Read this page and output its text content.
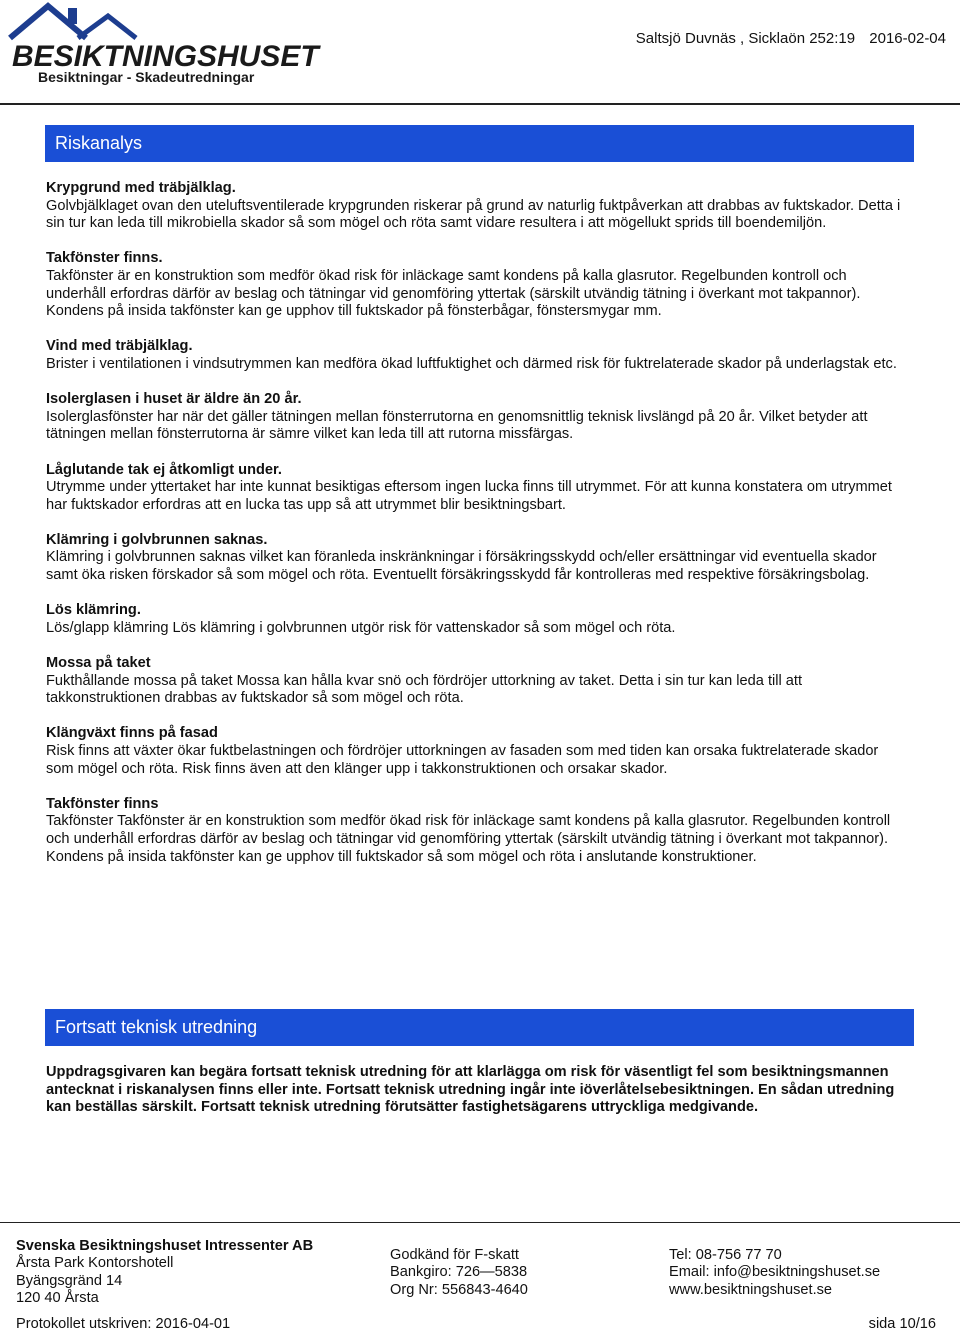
BESIKTNINGSHUSET
Besiktningar - Skadeutredningar
Saltsjö Duvnäs , Sicklaön 252:19 2016-02-04
Riskanalys
Krypgrund med träbjälklag.
Golvbjälklaget ovan den uteluftsventilerade krypgrunden riskerar på grund av naturlig fuktpåverkan att drabbas av fuktskador. Detta i sin tur kan leda till mikrobiella skador så som mögel och röta samt vidare resultera i att mögellukt sprids till boendemiljön.
Takfönster finns.
Takfönster är en konstruktion som medför ökad risk för inläckage samt kondens på kalla glasrutor. Regelbunden kontroll och underhåll erfordras därför av beslag och tätningar vid genomföring yttertak (särskilt utvändig tätning i överkant mot takpannor). Kondens på insida takfönster kan ge upphov till fuktskador på fönsterbågar, fönstersmygar mm.
Vind med träbjälklag.
Brister i ventilationen i vindsutrymmen kan medföra ökad luftfuktighet och därmed risk för fuktrelaterade skador på underlagstak etc.
Isolerglasen i huset är äldre än 20 år.
Isolerglasfönster har när det gäller tätningen mellan fönsterrutorna en genomsnittlig teknisk livslängd på 20 år. Vilket betyder att tätningen mellan fönsterrutorna är sämre vilket kan leda till att rutorna missfärgas.
Låglutande tak ej åtkomligt under.
Utrymme under yttertaket har inte kunnat besiktigas eftersom ingen lucka finns till utrymmet. För att kunna konstatera om utrymmet har fuktskador erfordras att en lucka tas upp så att utrymmet blir besiktningsbart.
Klämring i golvbrunnen saknas.
Klämring i golvbrunnen saknas vilket kan föranleda inskränkningar i försäkringsskydd och/eller ersättningar vid eventuella skador samt öka risken förskador så som mögel och röta. Eventuellt försäkringsskydd får kontrolleras med respektive försäkringsbolag.
Lös klämring.
Lös/glapp klämring Lös klämring i golvbrunnen utgör risk för vattenskador så som mögel och röta.
Mossa på taket
Fukthållande mossa på taket Mossa kan hålla kvar snö och fördröjer uttorkning av taket. Detta i sin tur kan leda till att takkonstruktionen drabbas av fuktskador så som mögel och röta.
Klängväxt finns på fasad
Risk finns att växter ökar fuktbelastningen och fördröjer uttorkningen av fasaden som med tiden kan orsaka fuktrelaterade skador som mögel och röta. Risk finns även att den klänger upp i takkonstruktionen och orsakar skador.
Takfönster finns
Takfönster Takfönster är en konstruktion som medför ökad risk för inläckage samt kondens på kalla glasrutor. Regelbunden kontroll och underhåll erfordras därför av beslag och tätningar vid genomföring yttertak (särskilt utvändig tätning i överkant mot takpannor). Kondens på insida takfönster kan ge upphov till fuktskador så som mögel och röta i anslutande konstruktioner.
Fortsatt teknisk utredning
Uppdragsgivaren kan begära fortsatt teknisk utredning för att klarlägga om risk för väsentligt fel som besiktningsmannen antecknat i riskanalysen finns eller inte. Fortsatt teknisk utredning ingår inte iöverlåtelsebesiktningen. En sådan utredning kan beställas särskilt. Fortsatt teknisk utredning förutsätter fastighetsägarens uttryckliga medgivande.
Svenska Besiktningshuset Intressenter AB
Årsta Park Kontorshotell
Byängsgränd 14
120 40 Årsta
Godkänd för F-skatt
Bankgiro: 726—5838
Org Nr: 556843-4640
Tel: 08-756 77 70
Email: info@besiktningshuset.se
www.besiktningshuset.se
Protokollet utskriven: 2016-04-01	sida 10/16
